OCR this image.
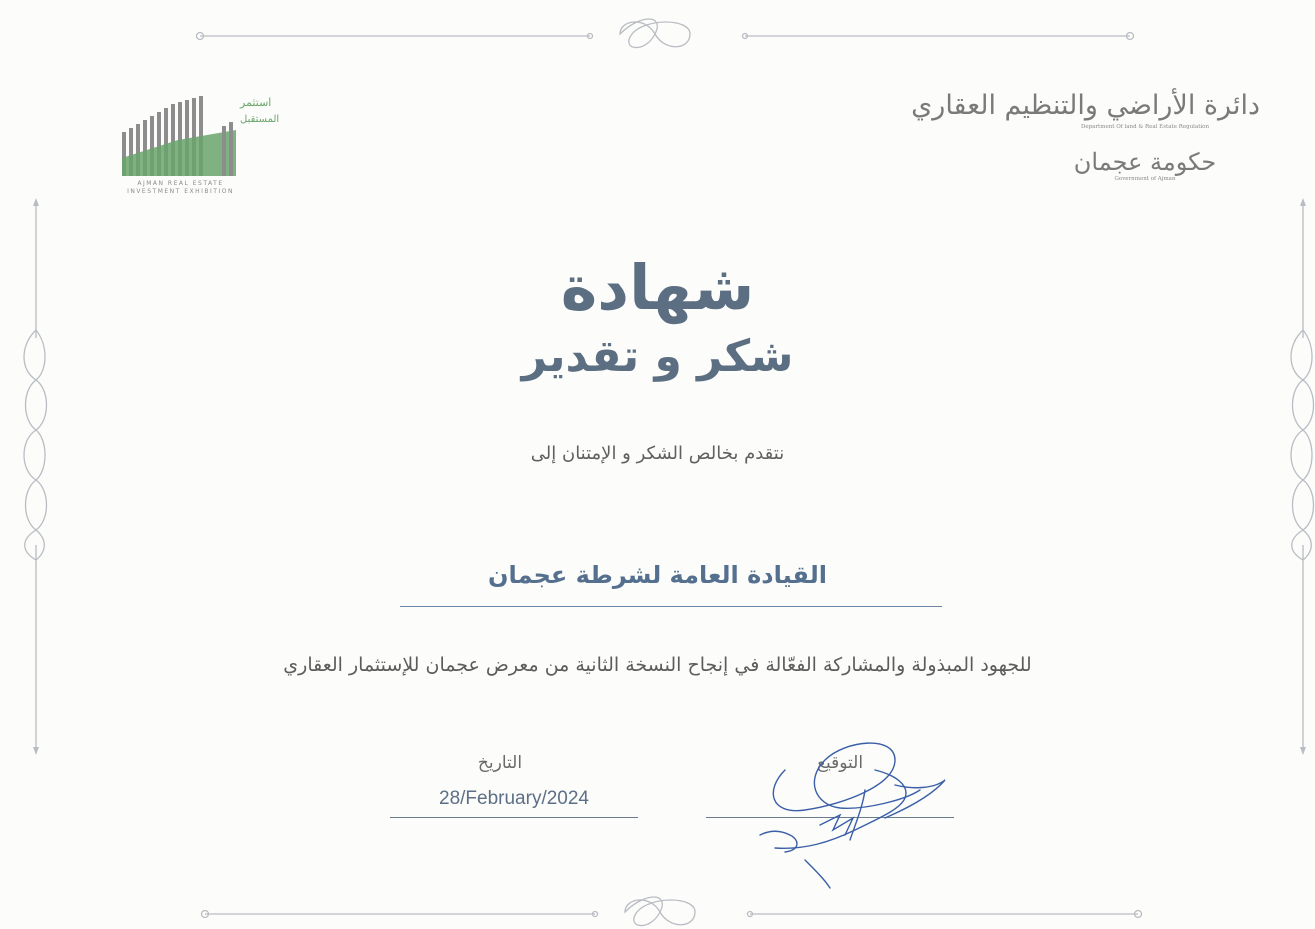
استثمر
المستقبل
AJMAN REAL ESTATE
INVESTMENT EXHIBITION
دائرة الأراضي والتنظيم العقاري
Department Of land & Real Estate Regulation
حكومة عجمان
Government of Ajman
شهادة
شكر و تقدير
نتقدم بخالص الشكر و الإمتنان إلى
القيادة العامة لشرطة عجمان
للجهود المبذولة والمشاركة الفعّالة في إنجاح النسخة الثانية من معرض عجمان للإستثمار العقاري
التاريخ
28/February/2024
التوقيع
